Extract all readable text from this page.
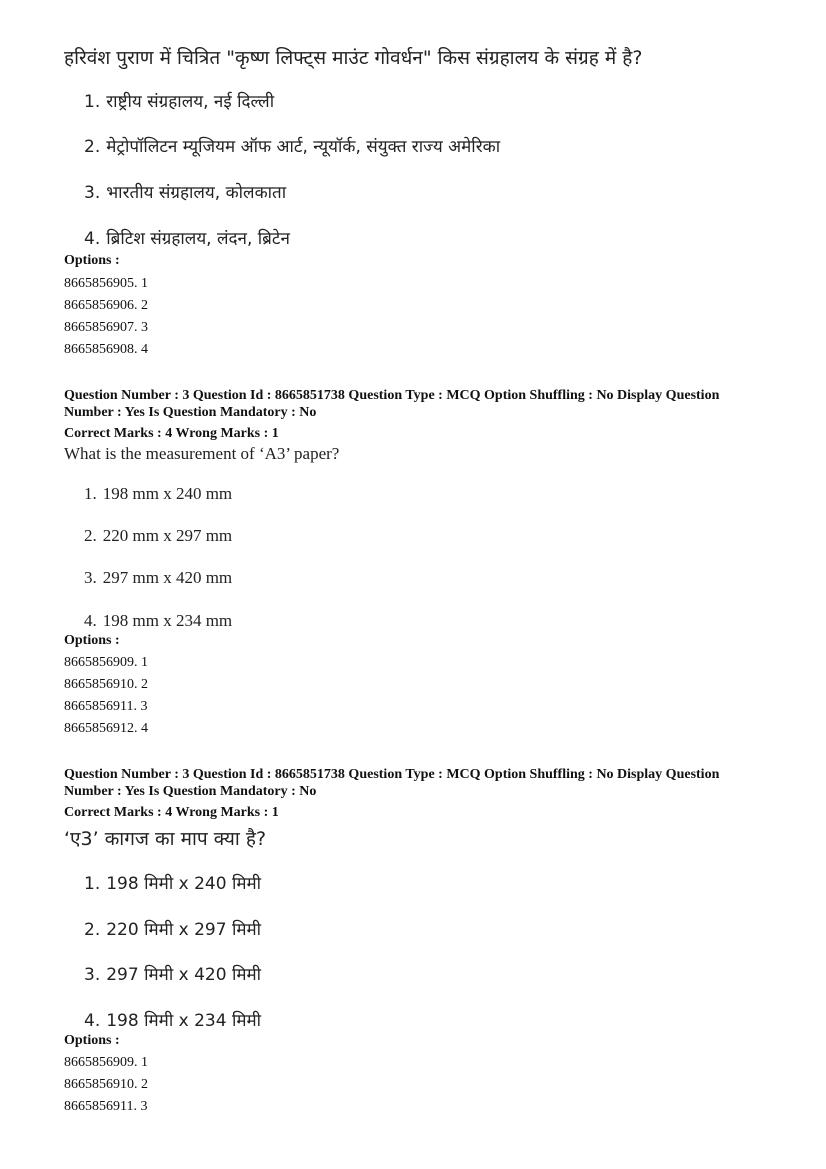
हरिवंश पुराण में चित्रित "कृष्ण लिफ्ट्स माउंट गोवर्धन" किस संग्रहालय के संग्रह में है?
1. राष्ट्रीय संग्रहालय, नई दिल्ली
2. मेट्रोपॉलिटन म्यूजियम ऑफ आर्ट, न्यूयॉर्क, संयुक्त राज्य अमेरिका
3. भारतीय संग्रहालय, कोलकाता
4. ब्रिटिश संग्रहालय, लंदन, ब्रिटेन
Options :
8665856905. 1
8665856906. 2
8665856907. 3
8665856908. 4
Question Number : 3 Question Id : 8665851738 Question Type : MCQ Option Shuffling : No Display Question
Number : Yes Is Question Mandatory : No
Correct Marks : 4 Wrong Marks : 1
What is the measurement of ‘A3’ paper?
1. 198 mm x 240 mm
2. 220 mm x 297 mm
3. 297 mm x 420 mm
4. 198 mm x 234 mm
Options :
8665856909. 1
8665856910. 2
8665856911. 3
8665856912. 4
Question Number : 3 Question Id : 8665851738 Question Type : MCQ Option Shuffling : No Display Question
Number : Yes Is Question Mandatory : No
Correct Marks : 4 Wrong Marks : 1
‘ए3’ कागज का माप क्या है?
1. 198 मिमी x 240 मिमी
2. 220 मिमी x 297 मिमी
3. 297 मिमी x 420 मिमी
4. 198 मिमी x 234 मिमी
Options :
8665856909. 1
8665856910. 2
8665856911. 3
